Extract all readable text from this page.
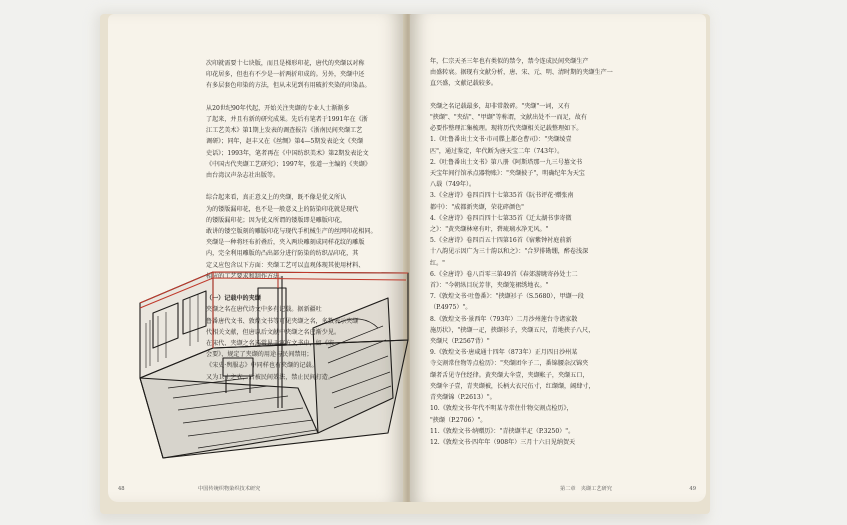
次印就需要十七块版，而且是梯形印花，唐代的夹缬以对称
印花居多，但也有不少是一折两折印成的。另外，夹缬中还
有多层套色印染的方法，但从未见到有用破折夹染的印染品。

从20世纪90年代起，开始关注夹缬的专业人士渐渐多
了起来，并且有新的研究成果。先后有笔者于1991年在《浙
江工艺美术》第1期上发表的调查报告《浙南民间夹缬工艺
调研》；同年，赵丰又在《丝绸》第4—5期发表论文《夹缬
史话》；1993年，笔者再在《中国纺织美术》第2期发表论文
《中国古代夹缬工艺研究》；1997年，张道一主编的《夹缬》
由台湾汉声杂志社出版等。

综合起来看，真正意义上的夹缬，既不像是优义所认
为的镂版漏印花，也不是一般意义上的防染印花就是现代
的镂版漏印花；因为优义所谓的镂版即是雕版印花，
敢讲的镂空版刻的雕版印花与现代手机械生产的丝网印花相同。
夹缬是一种将坯布折叠后，夹入两块雕刻成同样花纹的雕版
内，完全利用雕版的凸出部分进行防染的纺织品印花，其
定义应包含以下方面：夹缬工艺可以直观体现其使用材料、

48	中国传统织物染织技术研究
年，仁宗天圣三年也有类似的禁令，禁令连成民间夹缬生产
由盛转衰。据现有文献分析，唐、宋、元、明、清时期的夹缬生产一
直兴盛，文献记载较多。

夹缬之名记载最多，却非常散碎。"夹缬"一词，又有
"挟缬"、"夹结"、"甲缬"等称谓，文献出处不一而足，故有
必要作整理汇集梳理。现将历代夹缬相关记载整理如下。
1.《吐鲁番出土文书·市司牒上都仓曹司》："夹缬绫壹
匹"，通过鉴定，年代断为唐天宝二年（743年）。
2.《吐鲁番出土文书》第八册《阿斯塔那一九三号墓文书
天宝年间行馆承点器物账》："夹缬披子"，明确纪年为天宝
八载（749年）。
3.《全唐诗》卷四百四十七第35首《阮书评花·赠张南
都中》："成都新夹缬，荣花碎颜色"
4.《全唐诗》卷四百四十七第35首《迁太湖书事寄微
之》："黄夹缬林寒有叶，碧琉璃水净无风。"
5.《全唐诗》卷四百五十四第16首《宿紫钟衬庭前新
十八韵见示因广为三十韵以和之》："合罗排勘绷，醉卷浅深
红。"
6.《全唐诗》卷八百零三第49首《春郊游眺寄孙处士二
首》："今朝纵目玩芳菲，夹缬笼裙绣地衣。"
7.《敦煌文书·吐鲁番》："挟缬衫子（S.5680），甲缬一段
（P.4975）"。
8.《敦煌文书·景西年（793年）二月沙州莲台寺诸家散
施历状》，"挟缬一疋，挟缬衫子，夹缬五尺，青地挟子八尺，
夹缬尺（P.2567背）"
9.《敦煌文书·唐咸通十四年（873年）正月四日沙州某
寺交割常住物等点检历》："夹缬团伞子二，番锦腰杂汉锦夹
缬者舌见寺住经律。黄夹缬大伞壹，夹缬帐子，夹缬五口，
夹缬伞子壹，青夹缬被，长柄大衣尺伍寸，红缬缬，阔肆寸，
青夹缬锦（P.2613）"。
10.《敦煌文书·年代不明某寺常住什物交割点检历》，
"挟缬（P.2706）"。
11.《敦煌文书·纳赠历》："青挟缬半疋（P.3250）"。
12.《敦煌文书·四年年（908年）三月十六日见纳贺天
第二章　夹缬工艺研究	49
